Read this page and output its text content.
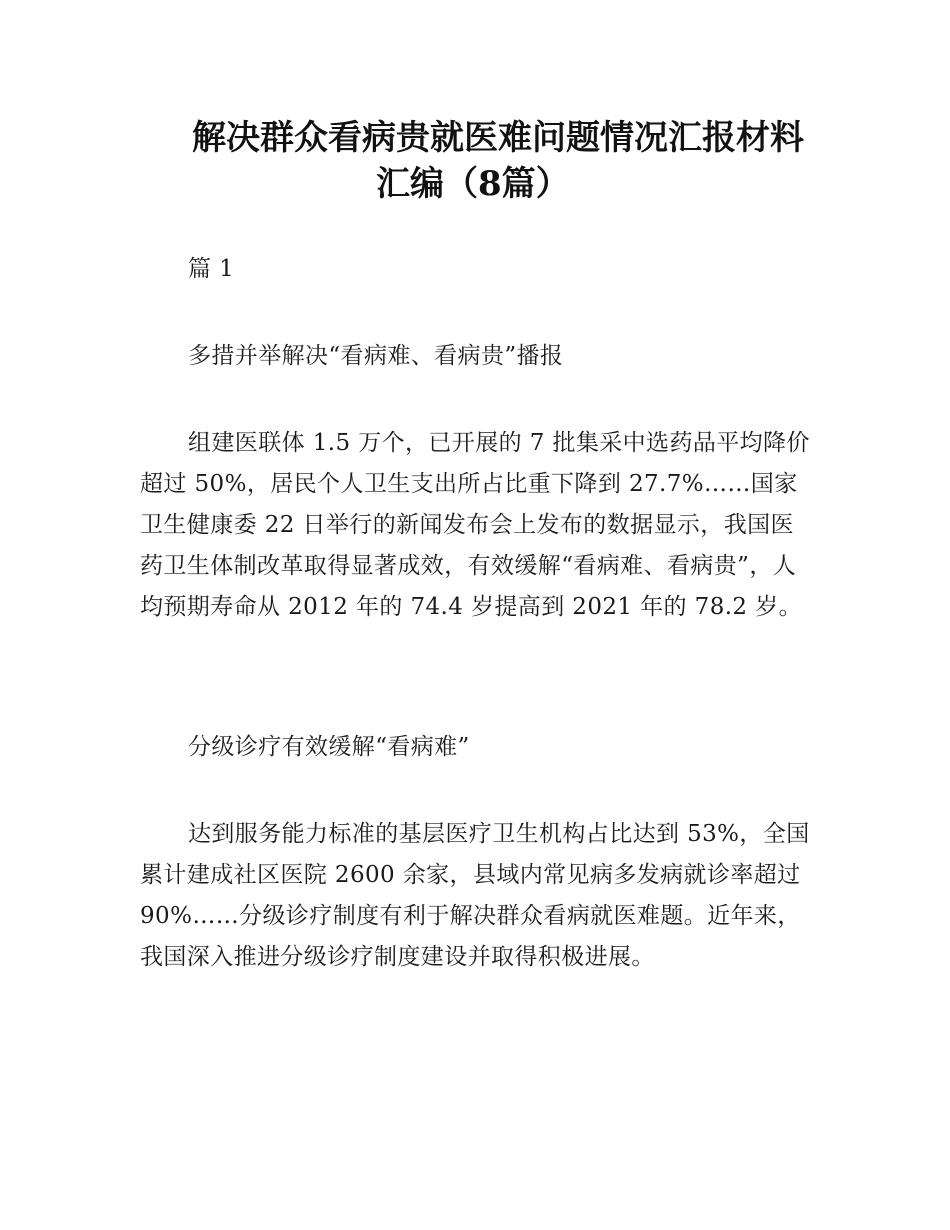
解决群众看病贵就医难问题情况汇报材料
汇编（8篇）

篇 1

多措并举解决“看病难、看病贵”播报

组建医联体 1.5 万个，已开展的 7 批集采中选药品平均降价超过 50%，居民个人卫生支出所占比重下降到 27.7%……国家卫生健康委 22 日举行的新闻发布会上发布的数据显示，我国医药卫生体制改革取得显著成效，有效缓解“看病难、看病贵”，人均预期寿命从 2012 年的 74.4 岁提高到 2021 年的 78.2 岁。

分级诊疗有效缓解“看病难”

达到服务能力标准的基层医疗卫生机构占比达到 53%，全国累计建成社区医院 2600 余家，县域内常见病多发病就诊率超过 90%……分级诊疗制度有利于解决群众看病就医难题。近年来，我国深入推进分级诊疗制度建设并取得积极进展。
